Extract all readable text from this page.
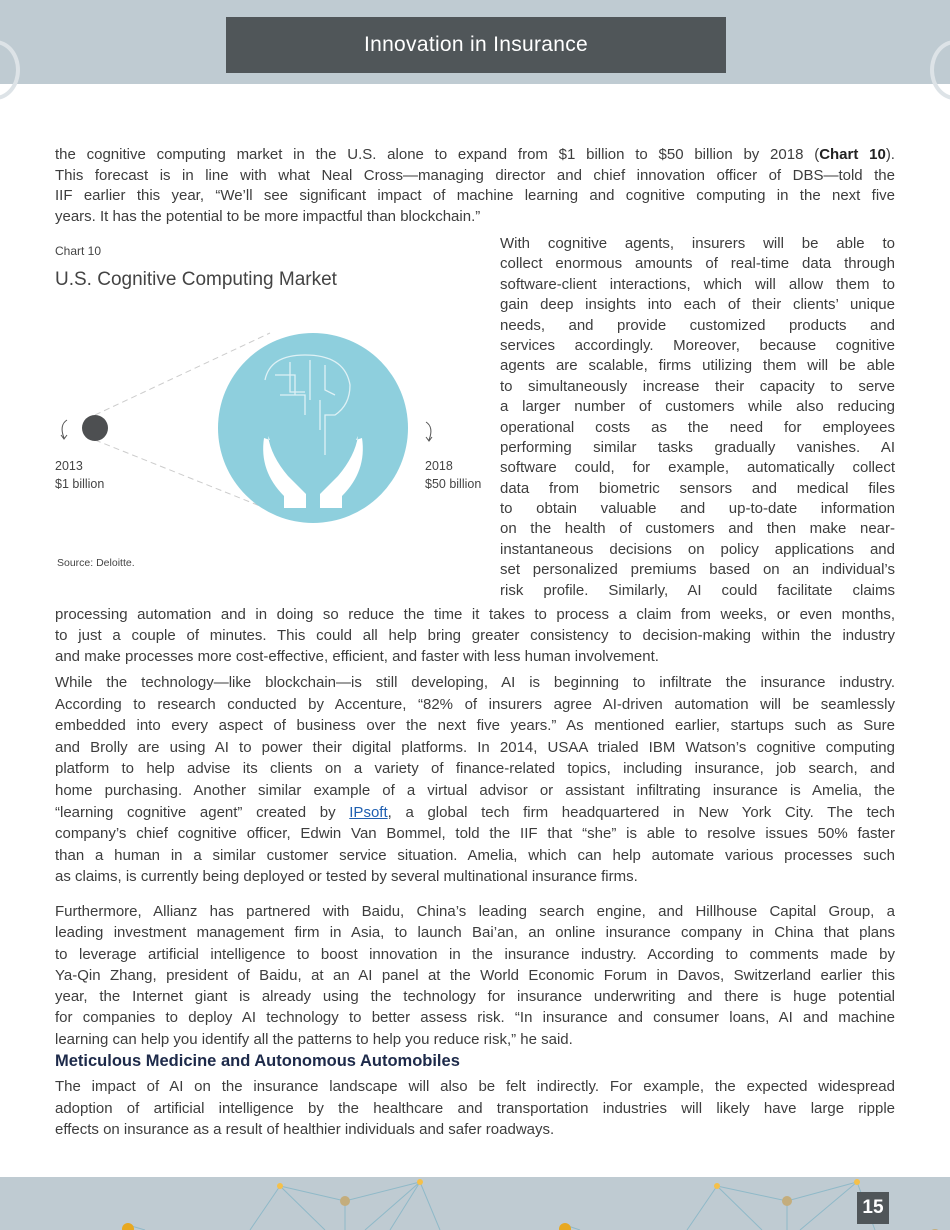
Innovation in Insurance
the cognitive computing market in the U.S. alone to expand from $1 billion to $50 billion by 2018 (Chart 10).
This forecast is in line with what Neal Cross—managing director and chief innovation officer of DBS—told the
IIF earlier this year, “We’ll see significant impact of machine learning and cognitive computing in the next five
years. It has the potential to be more impactful than blockchain.”
Chart 10
U.S. Cognitive Computing Market
2013
$1 billion
2018
$50 billion
Source: Deloitte.
With cognitive agents, insurers will be able to
collect enormous amounts of real-time data through
software-client interactions, which will allow them to
gain deep insights into each of their clients’ unique
needs, and provide customized products and
services accordingly. Moreover, because cognitive
agents are scalable, firms utilizing them will be able
to simultaneously increase their capacity to serve
a larger number of customers while also reducing
operational costs as the need for employees
performing similar tasks gradually vanishes. AI
software could, for example, automatically collect
data from biometric sensors and medical files
to obtain valuable and up-to-date information
on the health of customers and then make near-
instantaneous decisions on policy applications and
set personalized premiums based on an individual’s
risk profile. Similarly, AI could facilitate claims
processing automation and in doing so reduce the time it takes to process a claim from weeks, or even months,
to just a couple of minutes. This could all help bring greater consistency to decision-making within the industry
and make processes more cost-effective, efficient, and faster with less human involvement.
While the technology—like blockchain—is still developing, AI is beginning to infiltrate the insurance industry.
According to research conducted by Accenture, “82% of insurers agree AI-driven automation will be seamlessly
embedded into every aspect of business over the next five years.” As mentioned earlier, startups such as Sure
and Brolly are using AI to power their digital platforms. In 2014, USAA trialed IBM Watson’s cognitive computing
platform to help advise its clients on a variety of finance-related topics, including insurance, job search, and
home purchasing. Another similar example of a virtual advisor or assistant infiltrating insurance is Amelia, the
“learning cognitive agent” created by IPsoft, a global tech firm headquartered in New York City. The tech
company’s chief cognitive officer, Edwin Van Bommel, told the IIF that “she” is able to resolve issues 50% faster
than a human in a similar customer service situation. Amelia, which can help automate various processes such
as claims, is currently being deployed or tested by several multinational insurance firms.
Furthermore, Allianz has partnered with Baidu, China’s leading search engine, and Hillhouse Capital Group, a
leading investment management firm in Asia, to launch Bai’an, an online insurance company in China that plans
to leverage artificial intelligence to boost innovation in the insurance industry. According to comments made by
Ya-Qin Zhang, president of Baidu, at an AI panel at the World Economic Forum in Davos, Switzerland earlier this
year, the Internet giant is already using the technology for insurance underwriting and there is huge potential
for companies to deploy AI technology to better assess risk. “In insurance and consumer loans, AI and machine
learning can help you identify all the patterns to help you reduce risk,” he said.
Meticulous Medicine and Autonomous Automobiles
The impact of AI on the insurance landscape will also be felt indirectly. For example, the expected widespread
adoption of artificial intelligence by the healthcare and transportation industries will likely have large ripple
effects on insurance as a result of healthier individuals and safer roadways.
15
